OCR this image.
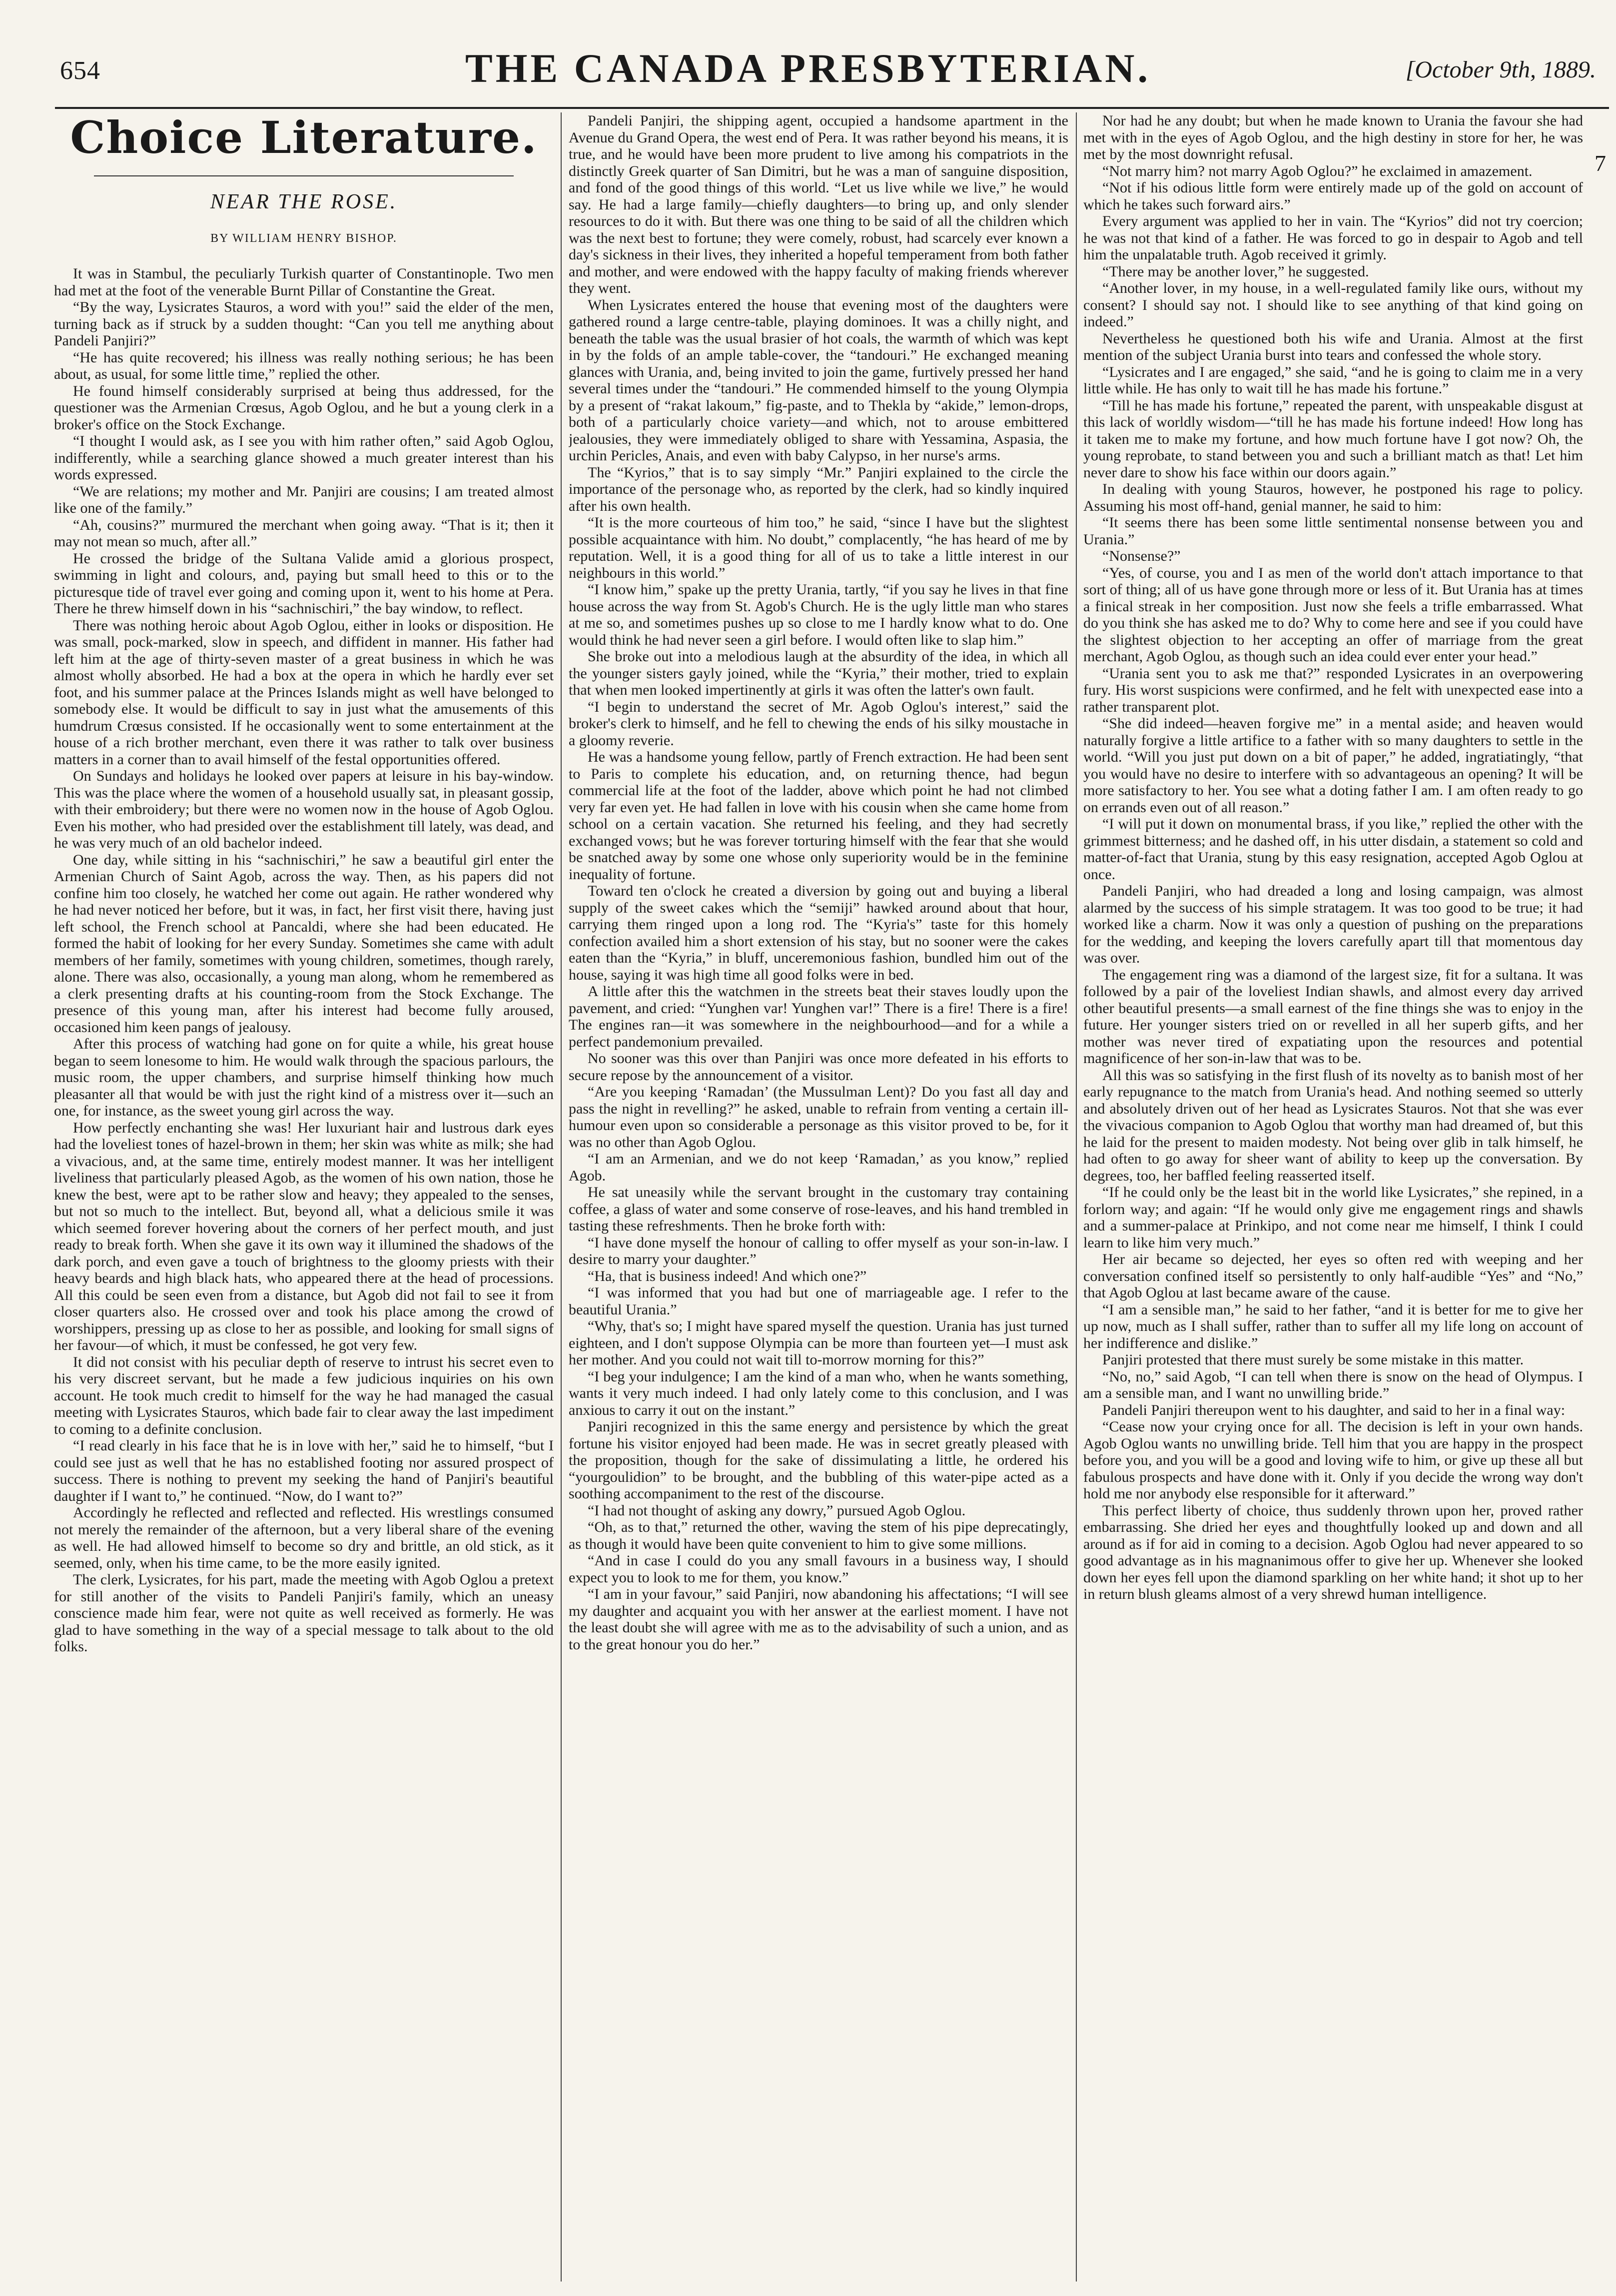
654	THE CANADA PRESBYTERIAN.	[October 9th, 1889.
Choice Literature.
NEAR THE ROSE.
BY WILLIAM HENRY BISHOP.

It was in Stambul, the peculiarly Turkish quarter of Constantinople. Two men had met at the foot of the venerable Burnt Pillar of Constantine the Great.

“By the way, Lysicrates Stauros, a word with you!” said the elder of the men, turning back as if struck by a sudden thought: “Can you tell me anything about Pandeli Panjiri?”

“He has quite recovered; his illness was really nothing serious; he has been about, as usual, for some little time,” replied the other.

He found himself considerably surprised at being thus addressed, for the questioner was the Armenian Crœsus, Agob Oglou, and he but a young clerk in a broker's office on the Stock Exchange.

“I thought I would ask, as I see you with him rather often,” said Agob Oglou, indifferently, while a searching glance showed a much greater interest than his words expressed.

“We are relations; my mother and Mr. Panjiri are cousins; I am treated almost like one of the family.”

“Ah, cousins?” murmured the merchant when going away. “That is it; then it may not mean so much, after all.”

He crossed the bridge of the Sultana Valide amid a glorious prospect, swimming in light and colours, and, paying but small heed to this or to the picturesque tide of travel ever going and coming upon it, went to his home at Pera. There he threw himself down in his “sachnischiri,” the bay window, to reflect.

There was nothing heroic about Agob Oglou, either in looks or disposition. He was small, pock-marked, slow in speech, and diffident in manner. His father had left him at the age of thirty-seven master of a great business in which he was almost wholly absorbed. He had a box at the opera in which he hardly ever set foot, and his summer palace at the Princes Islands might as well have belonged to somebody else. It would be difficult to say in just what the amusements of this humdrum Crœsus consisted. If he occasionally went to some entertainment at the house of a rich brother merchant, even there it was rather to talk over business matters in a corner than to avail himself of the festal opportunities offered.

On Sundays and holidays he looked over papers at leisure in his bay-window. This was the place where the women of a household usually sat, in pleasant gossip, with their embroidery; but there were no women now in the house of Agob Oglou. Even his mother, who had presided over the establishment till lately, was dead, and he was very much of an old bachelor indeed.

One day, while sitting in his “sachnischiri,” he saw a beautiful girl enter the Armenian Church of Saint Agob, across the way. Then, as his papers did not confine him too closely, he watched her come out again. He rather wondered why he had never noticed her before, but it was, in fact, her first visit there, having just left school, the French school at Pancaldi, where she had been educated. He formed the habit of looking for her every Sunday. Sometimes she came with adult members of her family, sometimes with young children, sometimes, though rarely, alone. There was also, occasionally, a young man along, whom he remembered as a clerk presenting drafts at his counting-room from the Stock Exchange. The presence of this young man, after his interest had become fully aroused, occasioned him keen pangs of jealousy.

After this process of watching had gone on for quite a while, his great house began to seem lonesome to him. He would walk through the spacious parlours, the music room, the upper chambers, and surprise himself thinking how much pleasanter all that would be with just the right kind of a mistress over it—such an one, for instance, as the sweet young girl across the way.

How perfectly enchanting she was! Her luxuriant hair and lustrous dark eyes had the loveliest tones of hazel-brown in them; her skin was white as milk; she had a vivacious, and, at the same time, entirely modest manner. It was her intelligent liveliness that particularly pleased Agob, as the women of his own nation, those he knew the best, were apt to be rather slow and heavy; they appealed to the senses, but not so much to the intellect. But, beyond all, what a delicious smile it was which seemed forever hovering about the corners of her perfect mouth, and just ready to break forth. When she gave it its own way it illumined the shadows of the dark porch, and even gave a touch of brightness to the gloomy priests with their heavy beards and high black hats, who appeared there at the head of processions. All this could be seen even from a distance, but Agob did not fail to see it from closer quarters also. He crossed over and took his place among the crowd of worshippers, pressing up as close to her as possible, and looking for small signs of her favour—of which, it must be confessed, he got very few.

It did not consist with his peculiar depth of reserve to intrust his secret even to his very discreet servant, but he made a few judicious inquiries on his own account. He took much credit to himself for the way he had managed the casual meeting with Lysicrates Stauros, which bade fair to clear away the last impediment to coming to a definite conclusion.

“I read clearly in his face that he is in love with her,” said he to himself, “but I could see just as well that he has no established footing nor assured prospect of success. There is nothing to prevent my seeking the hand of Panjiri's beautiful daughter if I want to,” he continued. “Now, do I want to?”

Accordingly he reflected and reflected and reflected. His wrestlings consumed not merely the remainder of the afternoon, but a very liberal share of the evening as well. He had allowed himself to become so dry and brittle, an old stick, as it seemed, only, when his time came, to be the more easily ignited.

The clerk, Lysicrates, for his part, made the meeting with Agob Oglou a pretext for still another of the visits to Pandeli Panjiri's family, which an uneasy conscience made him fear, were not quite as well received as formerly. He was glad to have something in the way of a special message to talk about to the old folks.

Pandeli Panjiri, the shipping agent, occupied a handsome apartment in the Avenue du Grand Opera, the west end of Pera. It was rather beyond his means, it is true, and he would have been more prudent to live among his compatriots in the distinctly Greek quarter of San Dimitri, but he was a man of sanguine disposition, and fond of the good things of this world. “Let us live while we live,” he would say. He had a large family—chiefly daughters—to bring up, and only slender resources to do it with. But there was one thing to be said of all the children which was the next best to fortune; they were comely, robust, had scarcely ever known a day's sickness in their lives, they inherited a hopeful temperament from both father and mother, and were endowed with the happy faculty of making friends wherever they went.

When Lysicrates entered the house that evening most of the daughters were gathered round a large centre-table, playing dominoes. It was a chilly night, and beneath the table was the usual brasier of hot coals, the warmth of which was kept in by the folds of an ample table-cover, the “tandouri.” He exchanged meaning glances with Urania, and, being invited to join the game, furtively pressed her hand several times under the “tandouri.” He commended himself to the young Olympia by a present of “rakat lakoum,” fig-paste, and to Thekla by “akide,” lemon-drops, both of a particularly choice variety—and which, not to arouse embittered jealousies, they were immediately obliged to share with Yessamina, Aspasia, the urchin Pericles, Anais, and even with baby Calypso, in her nurse's arms.

The “Kyrios,” that is to say simply “Mr.” Panjiri explained to the circle the importance of the personage who, as reported by the clerk, had so kindly inquired after his own health.

“It is the more courteous of him too,” he said, “since I have but the slightest possible acquaintance with him. No doubt,” complacently, “he has heard of me by reputation. Well, it is a good thing for all of us to take a little interest in our neighbours in this world.”

“I know him,” spake up the pretty Urania, tartly, “if you say he lives in that fine house across the way from St. Agob's Church. He is the ugly little man who stares at me so, and sometimes pushes up so close to me I hardly know what to do. One would think he had never seen a girl before. I would often like to slap him.”

She broke out into a melodious laugh at the absurdity of the idea, in which all the younger sisters gayly joined, while the “Kyria,” their mother, tried to explain that when men looked impertinently at girls it was often the latter's own fault.

“I begin to understand the secret of Mr. Agob Oglou's interest,” said the broker's clerk to himself, and he fell to chewing the ends of his silky moustache in a gloomy reverie.

He was a handsome young fellow, partly of French extraction. He had been sent to Paris to complete his education, and, on returning thence, had begun commercial life at the foot of the ladder, above which point he had not climbed very far even yet. He had fallen in love with his cousin when she came home from school on a certain vacation. She returned his feeling, and they had secretly exchanged vows; but he was forever torturing himself with the fear that she would be snatched away by some one whose only superiority would be in the feminine inequality of fortune.

Toward ten o'clock he created a diversion by going out and buying a liberal supply of the sweet cakes which the “semiji” hawked around about that hour, carrying them ringed upon a long rod. The “Kyria's” taste for this homely confection availed him a short extension of his stay, but no sooner were the cakes eaten than the “Kyria,” in bluff, unceremonious fashion, bundled him out of the house, saying it was high time all good folks were in bed.

A little after this the watchmen in the streets beat their staves loudly upon the pavement, and cried: “Yunghen var! Yunghen var!” There is a fire! There is a fire! The engines ran—it was somewhere in the neighbourhood—and for a while a perfect pandemonium prevailed.

No sooner was this over than Panjiri was once more defeated in his efforts to secure repose by the announcement of a visitor.

“Are you keeping ‘Ramadan’ (the Mussulman Lent)? Do you fast all day and pass the night in revelling?” he asked, unable to refrain from venting a certain ill-humour even upon so considerable a personage as this visitor proved to be, for it was no other than Agob Oglou.

“I am an Armenian, and we do not keep ‘Ramadan,’ as you know,” replied Agob.

He sat uneasily while the servant brought in the customary tray containing coffee, a glass of water and some conserve of rose-leaves, and his hand trembled in tasting these refreshments. Then he broke forth with:

“I have done myself the honour of calling to offer myself as your son-in-law. I desire to marry your daughter.”

“Ha, that is business indeed! And which one?”

“I was informed that you had but one of marriageable age. I refer to the beautiful Urania.”

“Why, that's so; I might have spared myself the question. Urania has just turned eighteen, and I don't suppose Olympia can be more than fourteen yet—I must ask her mother. And you could not wait till to-morrow morning for this?”

“I beg your indulgence; I am the kind of a man who, when he wants something, wants it very much indeed. I had only lately come to this conclusion, and I was anxious to carry it out on the instant.”

Panjiri recognized in this the same energy and persistence by which the great fortune his visitor enjoyed had been made. He was in secret greatly pleased with the proposition, though for the sake of dissimulating a little, he ordered his “yourgoulidion” to be brought, and the bubbling of this water-pipe acted as a soothing accompaniment to the rest of the discourse.

“I had not thought of asking any dowry,” pursued Agob Oglou.

“Oh, as to that,” returned the other, waving the stem of his pipe deprecatingly, as though it would have been quite convenient to him to give some millions.

“And in case I could do you any small favours in a business way, I should expect you to look to me for them, you know.”

“I am in your favour,” said Panjiri, now abandoning his affectations; “I will see my daughter and acquaint you with her answer at the earliest moment. I have not the least doubt she will agree with me as to the advisability of such a union, and as to the great honour you do her.”

Nor had he any doubt; but when he made known to Urania the favour she had met with in the eyes of Agob Oglou, and the high destiny in store for her, he was met by the most downright refusal.

“Not marry him? not marry Agob Oglou?” he exclaimed in amazement.

“Not if his odious little form were entirely made up of the gold on account of which he takes such forward airs.”

Every argument was applied to her in vain. The “Kyrios” did not try coercion; he was not that kind of a father. He was forced to go in despair to Agob and tell him the unpalatable truth. Agob received it grimly.

“There may be another lover,” he suggested.

“Another lover, in my house, in a well-regulated family like ours, without my consent? I should say not. I should like to see anything of that kind going on indeed.”

Nevertheless he questioned both his wife and Urania. Almost at the first mention of the subject Urania burst into tears and confessed the whole story.

“Lysicrates and I are engaged,” she said, “and he is going to claim me in a very little while. He has only to wait till he has made his fortune.”

“Till he has made his fortune,” repeated the parent, with unspeakable disgust at this lack of worldly wisdom—“till he has made his fortune indeed! How long has it taken me to make my fortune, and how much fortune have I got now? Oh, the young reprobate, to stand between you and such a brilliant match as that! Let him never dare to show his face within our doors again.”

In dealing with young Stauros, however, he postponed his rage to policy. Assuming his most off-hand, genial manner, he said to him:

“It seems there has been some little sentimental nonsense between you and Urania.”

“Nonsense?”

“Yes, of course, you and I as men of the world don't attach importance to that sort of thing; all of us have gone through more or less of it. But Urania has at times a finical streak in her composition. Just now she feels a trifle embarrassed. What do you think she has asked me to do? Why to come here and see if you could have the slightest objection to her accepting an offer of marriage from the great merchant, Agob Oglou, as though such an idea could ever enter your head.”

“Urania sent you to ask me that?” responded Lysicrates in an overpowering fury. His worst suspicions were confirmed, and he felt with unexpected ease into a rather transparent plot.

“She did indeed—heaven forgive me” in a mental aside; and heaven would naturally forgive a little artifice to a father with so many daughters to settle in the world. “Will you just put down on a bit of paper,” he added, ingratiatingly, “that you would have no desire to interfere with so advantageous an opening? It will be more satisfactory to her. You see what a doting father I am. I am often ready to go on errands even out of all reason.”

“I will put it down on monumental brass, if you like,” replied the other with the grimmest bitterness; and he dashed off, in his utter disdain, a statement so cold and matter-of-fact that Urania, stung by this easy resignation, accepted Agob Oglou at once.

Pandeli Panjiri, who had dreaded a long and losing campaign, was almost alarmed by the success of his simple stratagem. It was too good to be true; it had worked like a charm. Now it was only a question of pushing on the preparations for the wedding, and keeping the lovers carefully apart till that momentous day was over.

The engagement ring was a diamond of the largest size, fit for a sultana. It was followed by a pair of the loveliest Indian shawls, and almost every day arrived other beautiful presents—a small earnest of the fine things she was to enjoy in the future. Her younger sisters tried on or revelled in all her superb gifts, and her mother was never tired of expatiating upon the resources and potential magnificence of her son-in-law that was to be.

All this was so satisfying in the first flush of its novelty as to banish most of her early repugnance to the match from Urania's head. And nothing seemed so utterly and absolutely driven out of her head as Lysicrates Stauros. Not that she was ever the vivacious companion to Agob Oglou that worthy man had dreamed of, but this he laid for the present to maiden modesty. Not being over glib in talk himself, he had often to go away for sheer want of ability to keep up the conversation. By degrees, too, her baffled feeling reasserted itself.

“If he could only be the least bit in the world like Lysicrates,” she repined, in a forlorn way; and again: “If he would only give me engagement rings and shawls and a summer-palace at Prinkipo, and not come near me himself, I think I could learn to like him very much.”

Her air became so dejected, her eyes so often red with weeping and her conversation confined itself so persistently to only half-audible “Yes” and “No,” that Agob Oglou at last became aware of the cause.

“I am a sensible man,” he said to her father, “and it is better for me to give her up now, much as I shall suffer, rather than to suffer all my life long on account of her indifference and dislike.”

Panjiri protested that there must surely be some mistake in this matter.

“No, no,” said Agob, “I can tell when there is snow on the head of Olympus. I am a sensible man, and I want no unwilling bride.”

Pandeli Panjiri thereupon went to his daughter, and said to her in a final way:

“Cease now your crying once for all. The decision is left in your own hands. Agob Oglou wants no unwilling bride. Tell him that you are happy in the prospect before you, and you will be a good and loving wife to him, or give up these all but fabulous prospects and have done with it. Only if you decide the wrong way don't hold me nor anybody else responsible for it afterward.”

This perfect liberty of choice, thus suddenly thrown upon her, proved rather embarrassing. She dried her eyes and thoughtfully looked up and down and all around as if for aid in coming to a decision. Agob Oglou had never appeared to so good advantage as in his magnanimous offer to give her up. Whenever she looked down her eyes fell upon the diamond sparkling on her white hand; it shot up to her in return blush gleams almost of a very shrewd human intelligence.

7
